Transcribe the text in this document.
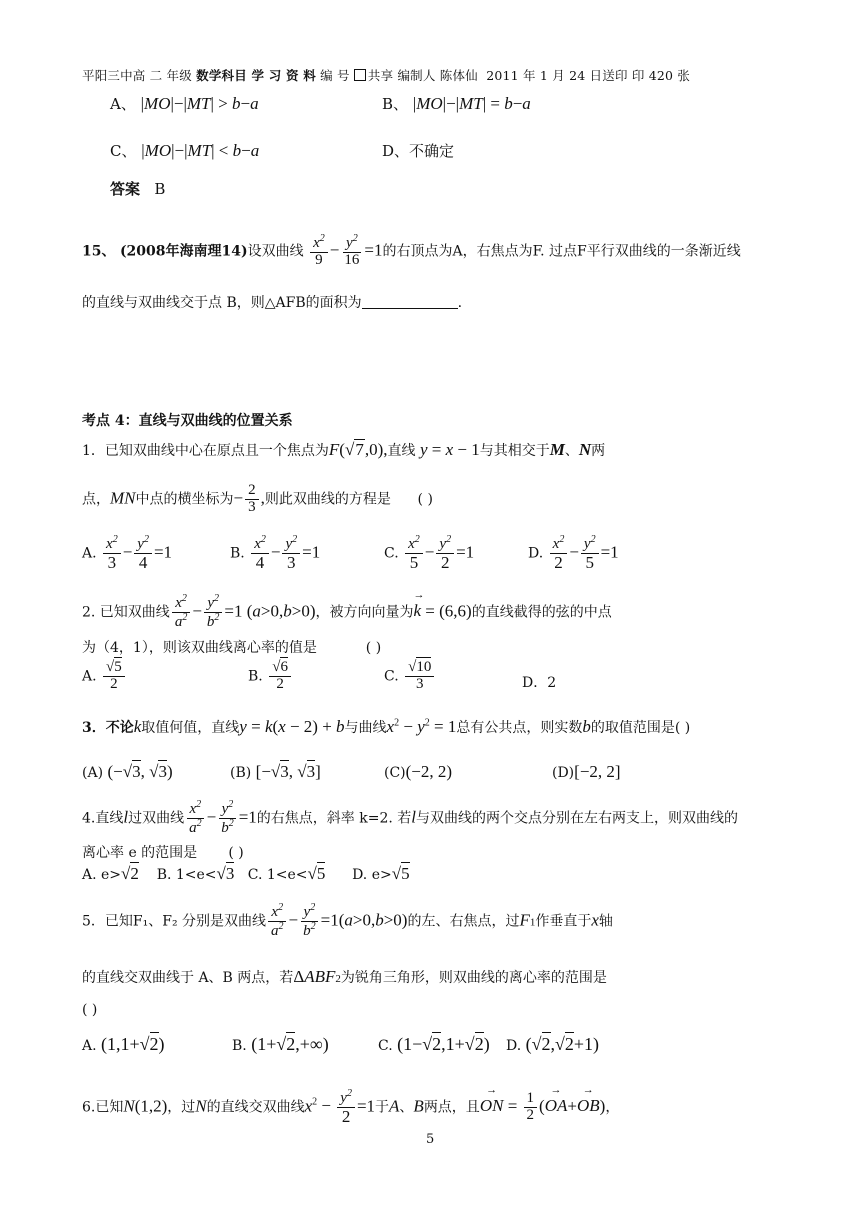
平阳三中高 二 年级 数学科目 学 习 资 料 编 号 共享 编制人 陈体仙 2011 年 1 月 24 日送印 印 420 张
A、 |MO|−|MT| > b−a	B、 |MO|−|MT| = b−a
C、 |MO|−|MT| < b−a	D、不确定
答案 B
15、 (2008年海南理14)设双曲线 $\frac{x^2}{9} - \frac{y^2}{16} =1$的右顶点为A，右焦点为F. 过点F平行双曲线的一条渐近线
的直线与双曲线交于点 B，则△AFB的面积为	.
考点 4：直线与双曲线的位置关系
1．已知双曲线中心在原点且一个焦点为F(√7,0),直线 y = x − 1与其相交于M、N两
点，MN中点的横坐标为− $\frac{2}{3}$ ,则此双曲线的方程是 ( )
A. $\frac{x^2}{3} - \frac{y^2}{4} =1$	B. $\frac{x^2}{4} - \frac{y^2}{3} =1$	C. $\frac{x^2}{5} - \frac{y^2}{2} =1$	D. $\frac{x^2}{2} - \frac{y^2}{5} =1$
2. 已知双曲线 $\frac{x^2}{a^2} - \frac{y^2}{b^2} =1$ (a>0,b>0)，被方向向量为→ k = (6,6)的直线截得的弦的中点
为（4，1），则该双曲线离心率的值是	( )
A. $\frac{√5}{2}$	B. $\frac{√6}{2}$	C. $\frac{√10}{3}$	D．2
3．不论k取值何值，直线y = k(x − 2) + b与曲线$x^2 - y^2 = 1$总有公共点，则实数b的取值范围是( )
(A) (−√3, √3)	(B) [−√3, √3]	(C)(−2, 2)	(D)[−2, 2]
4.直线l过双曲线 $\frac{x^2}{a^2} - \frac{y^2}{b^2} =1$的右焦点，斜率 k=2. 若l与双曲线的两个交点分别在左右两支上，则双曲线的
离心率 e 的范围是 ( )
A. e>√2 B. 1<e<√3 C. 1<e<√5 D. e>√5
5．已知F₁、F₂ 分别是双曲线 $\frac{x^2}{a^2} - \frac{y^2}{b^2} =1(a>0,b>0)$的左、右焦点，过F1作垂直于x轴
的直线交双曲线于 A、B 两点，若ΔABF2为锐角三角形，则双曲线的离心率的范围是
( )
A. (1,1+√2)	B. (1+√2,+∞)	C. (1−√2,1+√2) D. (√2,√2+1)
6.已知N(1,2)，过N的直线交双曲线$x^2 - \frac{y^2}{2} =1$于A、B两点，且→ ON = $\frac{1}{2}$ (→ OA+→ OB)，
5
